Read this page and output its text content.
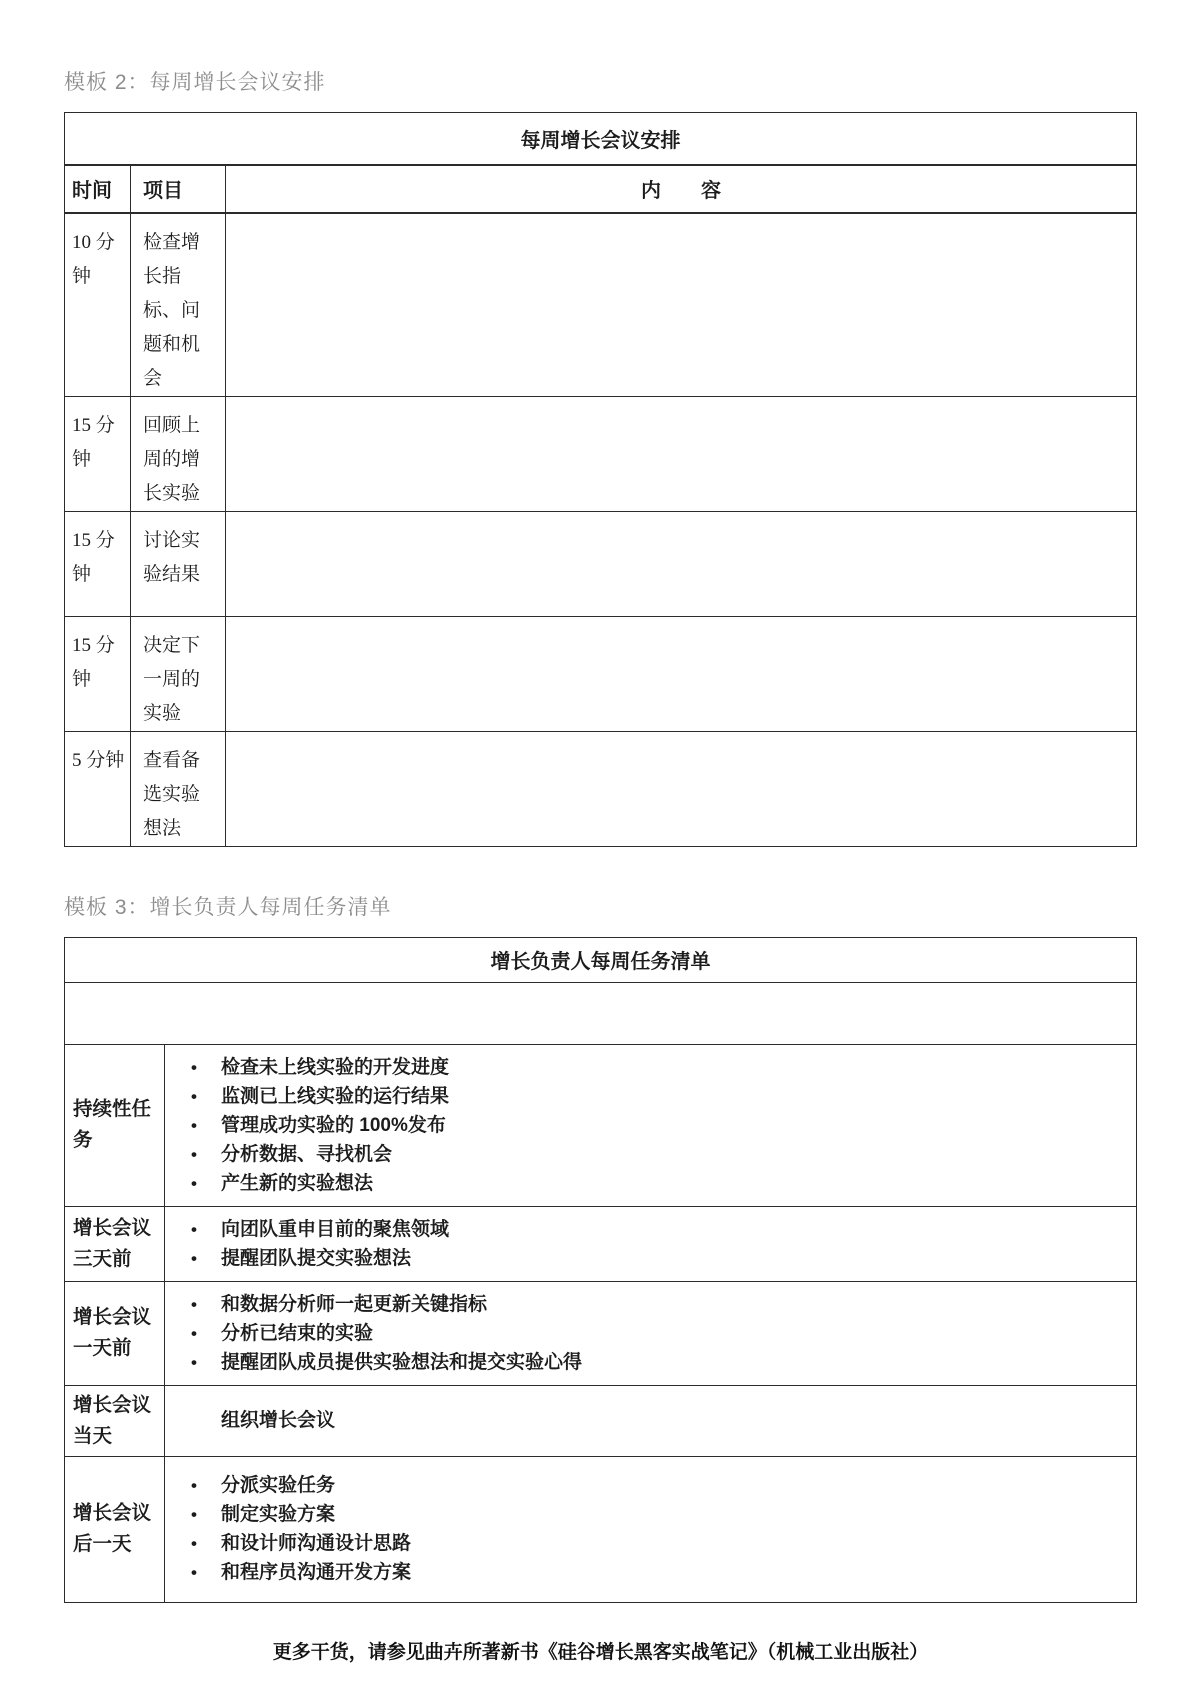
模板 2：每周增长会议安排
每周增长会议安排		
时间	项目	内　　容
10 分钟	检查增长指标、问题和机会	
15 分钟	回顾上周的增长实验	
15 分钟	讨论实验结果	
15 分钟	决定下一周的实验	
5 分钟	查看备选实验想法	
模板 3：增长负责人每周任务清单
增长负责人每周任务清单	

持续性任务	
•	检查未上线实验的开发进度
•	监测已上线实验的运行结果
•	管理成功实验的 100%发布
•	分析数据、寻找机会
•	产生新的实验想法

增长会议三天前	• 向团队重申目前的聚焦领域
• 提醒团队提交实验想法

增长会议一天前	
•	和数据分析师一起更新关键指标
•	分析已结束的实验
•	提醒团队成员提供实验想法和提交实验心得

增长会议当天	组织增长会议

增长会议后一天	
•	分派实验任务
•	制定实验方案
•	和设计师沟通设计思路
•	和程序员沟通开发方案
更多干货，请参见曲卉所著新书《硅谷增长黑客实战笔记》（机械工业出版社）
